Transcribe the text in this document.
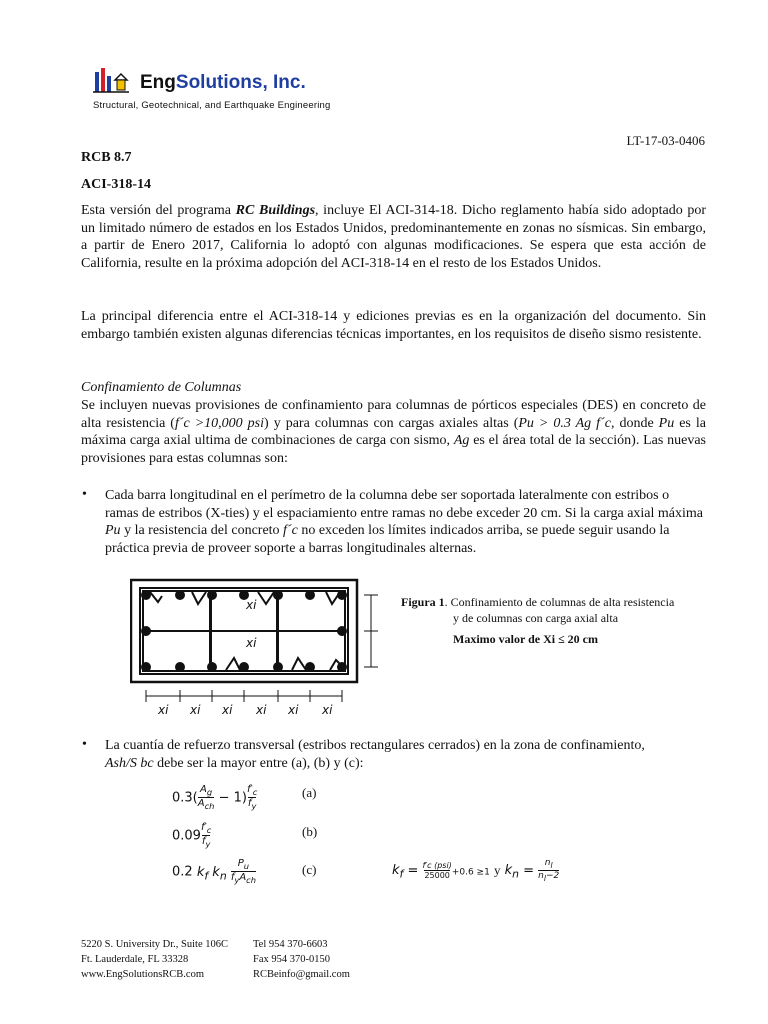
EngSolutions, Inc.
Structural, Geotechnical, and Earthquake Engineering
LT-17-03-0406
RCB 8.7
ACI-318-14
Esta versión del programa RC Buildings, incluye El ACI-314-18. Dicho reglamento había sido adoptado por un limitado número de estados en los Estados Unidos, predominantemente en zonas no sísmicas. Sin embargo, a partir de Enero 2017, California lo adoptó con algunas modificaciones. Se espera que esta acción de California, resulte en la próxima adopción del ACI-318-14 en el resto de los Estados Unidos.
La principal diferencia entre el ACI-318-14 y ediciones previas es en la organización del documento. Sin embargo también existen algunas diferencias técnicas importantes, en los requisitos de diseño sismo resistente.
Confinamiento de Columnas
Se incluyen nuevas provisiones de confinamiento para columnas de pórticos especiales (DES) en concreto de alta resistencia (f´c >10,000 psi) y para columnas con cargas axiales altas (Pu > 0.3 Ag f´c, donde Pu es la máxima carga axial ultima de combinaciones de carga con sismo, Ag es el área total de la sección). Las nuevas provisiones para estas columnas son:
• Cada barra longitudinal en el perímetro de la columna debe ser soportada lateralmente con estribos o ramas de estribos (X-ties) y el espaciamiento entre ramas no debe exceder 20 cm. Si la carga axial máxima Pu y la resistencia del concreto f´c no exceden los límites indicados arriba, se puede seguir usando la práctica previa de proveer soporte a barras longitudinales alternas.
xi
xi
xi xi xi xi xi xi
Figura 1. Confinamiento de columnas de alta resistencia
y de columnas con carga axial alta
Maximo valor de Xi ≤ 20 cm
• La cuantía de refuerzo transversal (estribos rectangulares cerrados) en la zona de confinamiento,
Ash/S bc debe ser la mayor entre (a), (b) y (c):
$0.3(A_g$
$A_{ch} - 1)\frac{f'_c}{f_y}$	(a)
$0.09\frac{f'_c}{f_y}$	(b)
0.2 $k_f$ $k_n$ $P_u$
$f_yA_{ch}$
(c)	$k_f = f'c$ (psi)
25000 +0.6 ≥1 y $k_n = \frac{n_l}{n_l-2}$
5220 S. University Dr., Suite 106C Tel 954 370-6603
Ft. Lauderdale, FL 33328	Fax 954 370-0150
www.EngSolutionsRCB.com	RCBeinfo@gmail.com
